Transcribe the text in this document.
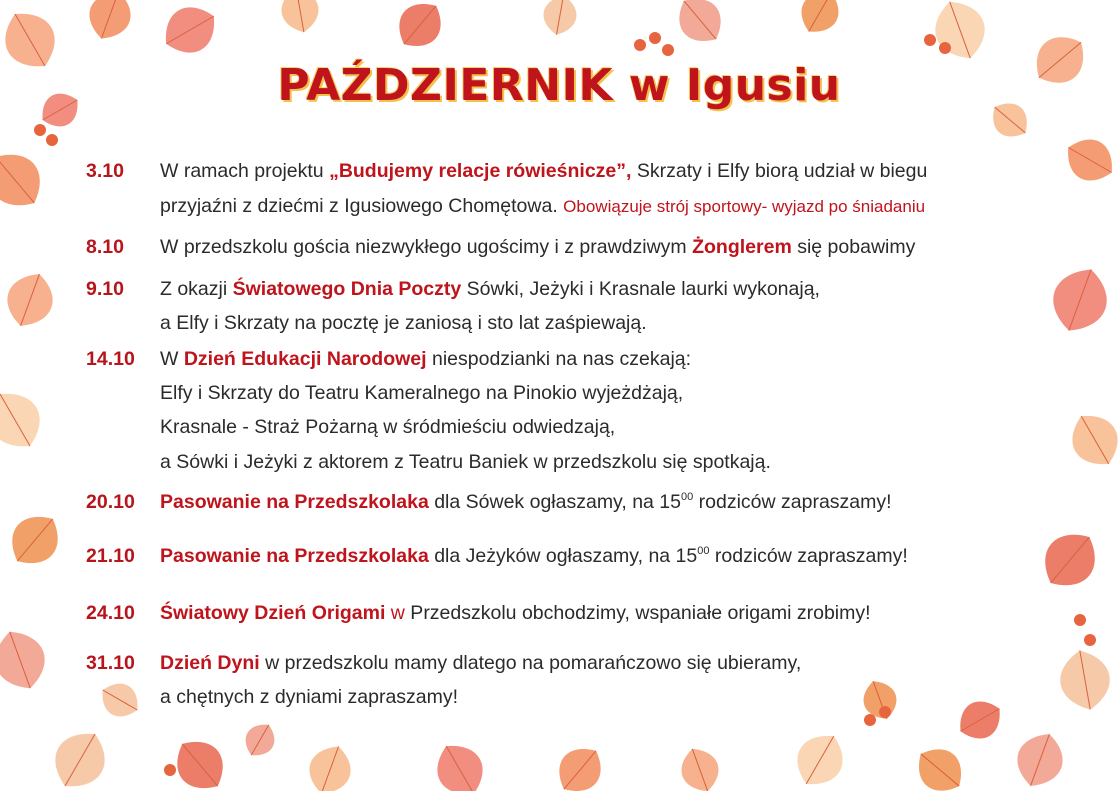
PAŹDZIERNIK w Igusiu
3.10 W ramach projektu „Budujemy relacje rówieśnicze”, Skrzaty i Elfy biorą udział w biegu
przyjaźni z dziećmi z Igusiowego Chomętowa. Obowiązuje strój sportowy- wyjazd po śniadaniu
8.10 W przedszkolu gościa niezwykłego ugościmy i z prawdziwym Żonglerem się pobawimy
9.10 Z okazji Światowego Dnia Poczty Sówki, Jeżyki i Krasnale laurki wykonają,
a Elfy i Skrzaty na pocztę je zaniosą i sto lat zaśpiewają.
14.10 W Dzień Edukacji Narodowej niespodzianki na nas czekają:
Elfy i Skrzaty do Teatru Kameralnego na Pinokio wyjeżdżają,
Krasnale - Straż Pożarną w śródmieściu odwiedzają,
a Sówki i Jeżyki z aktorem z Teatru Baniek w przedszkolu się spotkają.
20.10 Pasowanie na Przedszkolaka dla Sówek ogłaszamy, na $15^{00}$ rodziców zapraszamy!
21.10 Pasowanie na Przedszkolaka dla Jeżyków ogłaszamy, na $15^{00}$ rodziców zapraszamy!
24.10 Światowy Dzień Origami w Przedszkolu obchodzimy, wspaniałe origami zrobimy!
31.10 Dzień Dyni w przedszkolu mamy dlatego na pomarańczowo się ubieramy,
a chętnych z dyniami zapraszamy!
